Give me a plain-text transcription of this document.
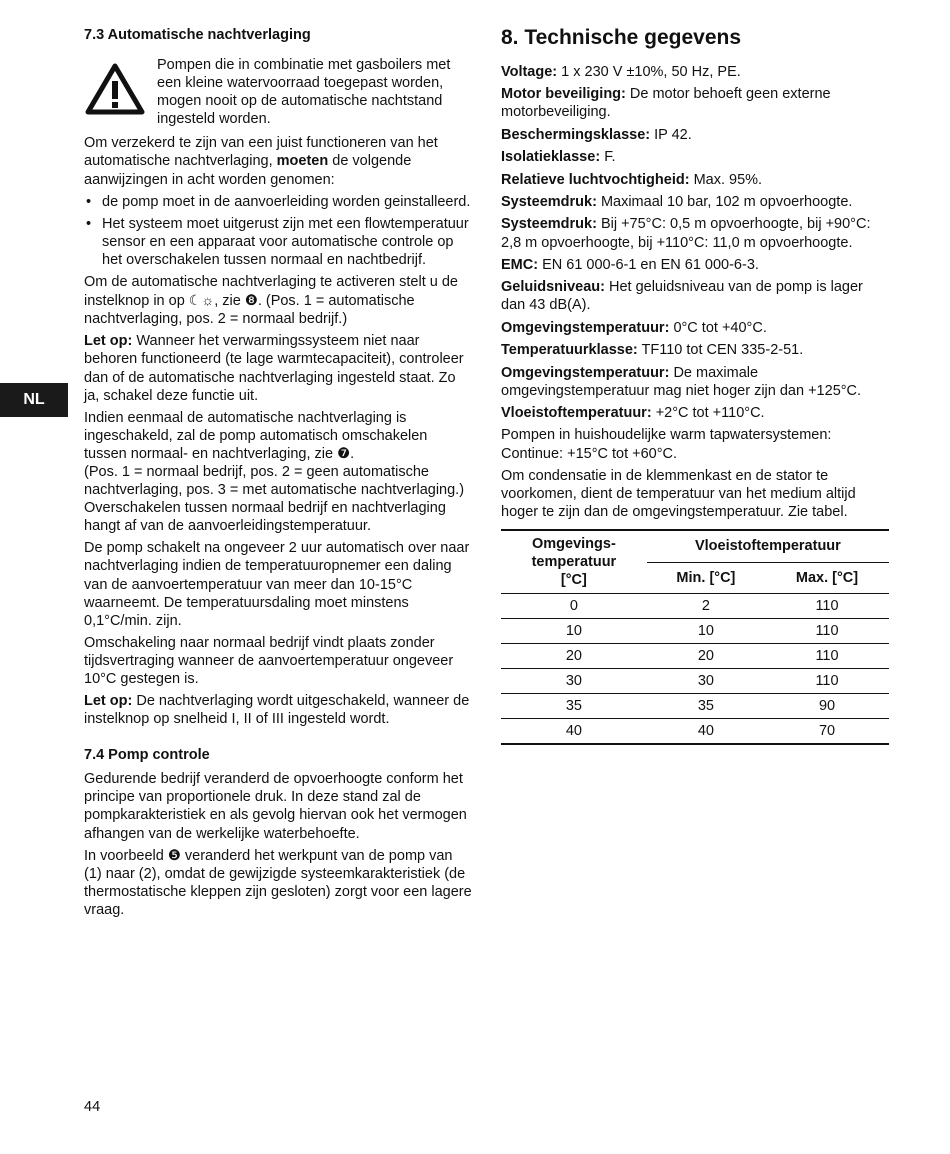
NL
7.3 Automatische nachtverlaging
Pompen die in combinatie met gasboilers met een kleine watervoorraad toegepast worden, mogen nooit op de automatische nachtstand ingesteld worden.

Om verzekerd te zijn van een juist functioneren van het automatische nachtverlaging, moeten de volgende aanwijzingen in acht worden genomen:

• de pomp moet in de aanvoerleiding worden geinstalleerd.
• Het systeem moet uitgerust zijn met een flowtemperatuur sensor en een apparaat voor automatische controle op het overschakelen tussen normaal en nachtbedrijf.

Om de automatische nachtverlaging te activeren stelt u de instelknop in op ☾☼, zie ❽. (Pos. 1 = automatische nachtverlaging, pos. 2 = normaal bedrijf.)

Let op: Wanneer het verwarmingssysteem niet naar behoren functioneerd (te lage warmtecapaciteit), controleer dan of de automatische nachtverlaging ingesteld staat. Zo ja, schakel deze functie uit.

Indien eenmaal de automatische nachtverlaging is ingeschakeld, zal de pomp automatisch omschakelen tussen normaal- en nachtverlaging, zie ❼.
(Pos. 1 = normaal bedrijf, pos. 2 = geen automatische nachtverlaging, pos. 3 = met automatische nachtverlaging.)
Overschakelen tussen normaal bedrijf en nachtverlaging hangt af van de aanvoerleidingstemperatuur.

De pomp schakelt na ongeveer 2 uur automatisch over naar nachtverlaging indien de temperatuuropnemer een daling van de aanvoertemperatuur van meer dan 10-15°C waarneemt. De temperatuursdaling moet minstens 0,1°C/min. zijn.

Omschakeling naar normaal bedrijf vindt plaats zonder tijdsvertraging wanneer de aanvoertemperatuur ongeveer 10°C gestegen is.

Let op: De nachtverlaging wordt uitgeschakeld, wanneer de instelknop op snelheid I, II of III ingesteld wordt.

7.4 Pomp controle

Gedurende bedrijf veranderd de opvoerhoogte conform het principe van proportionele druk. In deze stand zal de pompkarakteristiek en als gevolg hiervan ook het vermogen afhangen van de werkelijke waterbehoefte.

In voorbeeld ❺ veranderd het werkpunt van de pomp van (1) naar (2), omdat de gewijzigde systeemkarakteristiek (de thermostatische kleppen zijn gesloten) zorgt voor een lagere vraag.

8. Technische gegevens

Voltage: 1 x 230 V ±10%, 50 Hz, PE.

Motor beveiliging: De motor behoeft geen externe motorbeveiliging.

Beschermingsklasse: IP 42.

Isolatieklasse: F.

Relatieve luchtvochtigheid: Max. 95%.

Systeemdruk: Maximaal 10 bar, 102 m opvoerhoogte.

Systeemdruk: Bij +75°C: 0,5 m opvoerhoogte, bij +90°C: 2,8 m opvoerhoogte, bij +110°C: 11,0 m opvoerhoogte.

EMC: EN 61 000-6-1 en EN 61 000-6-3.

Geluidsniveau: Het geluidsniveau van de pomp is lager dan 43 dB(A).

Omgevingstemperatuur: 0°C tot +40°C.

Temperatuurklasse: TF110 tot CEN 335-2-51.

Omgevingstemperatuur: De maximale omgevingstemperatuur mag niet hoger zijn dan +125°C.

Vloeistoftemperatuur: +2°C tot +110°C.

Pompen in huishoudelijke warm tapwatersystemen: Continue: +15°C tot +60°C.

Om condensatie in de klemmenkast en de stator te voorkomen, dient de temperatuur van het medium altijd hoger te zijn dan de omgevingstemperatuur. Zie tabel.

Omgevings-
temperatuur
[°C]	Vloeistoftemperatuur	
	Min. [°C]	Max. [°C]
0	2	110
10	10	110
20	20	110
30	30	110
35	35	90
40	40	70
44
